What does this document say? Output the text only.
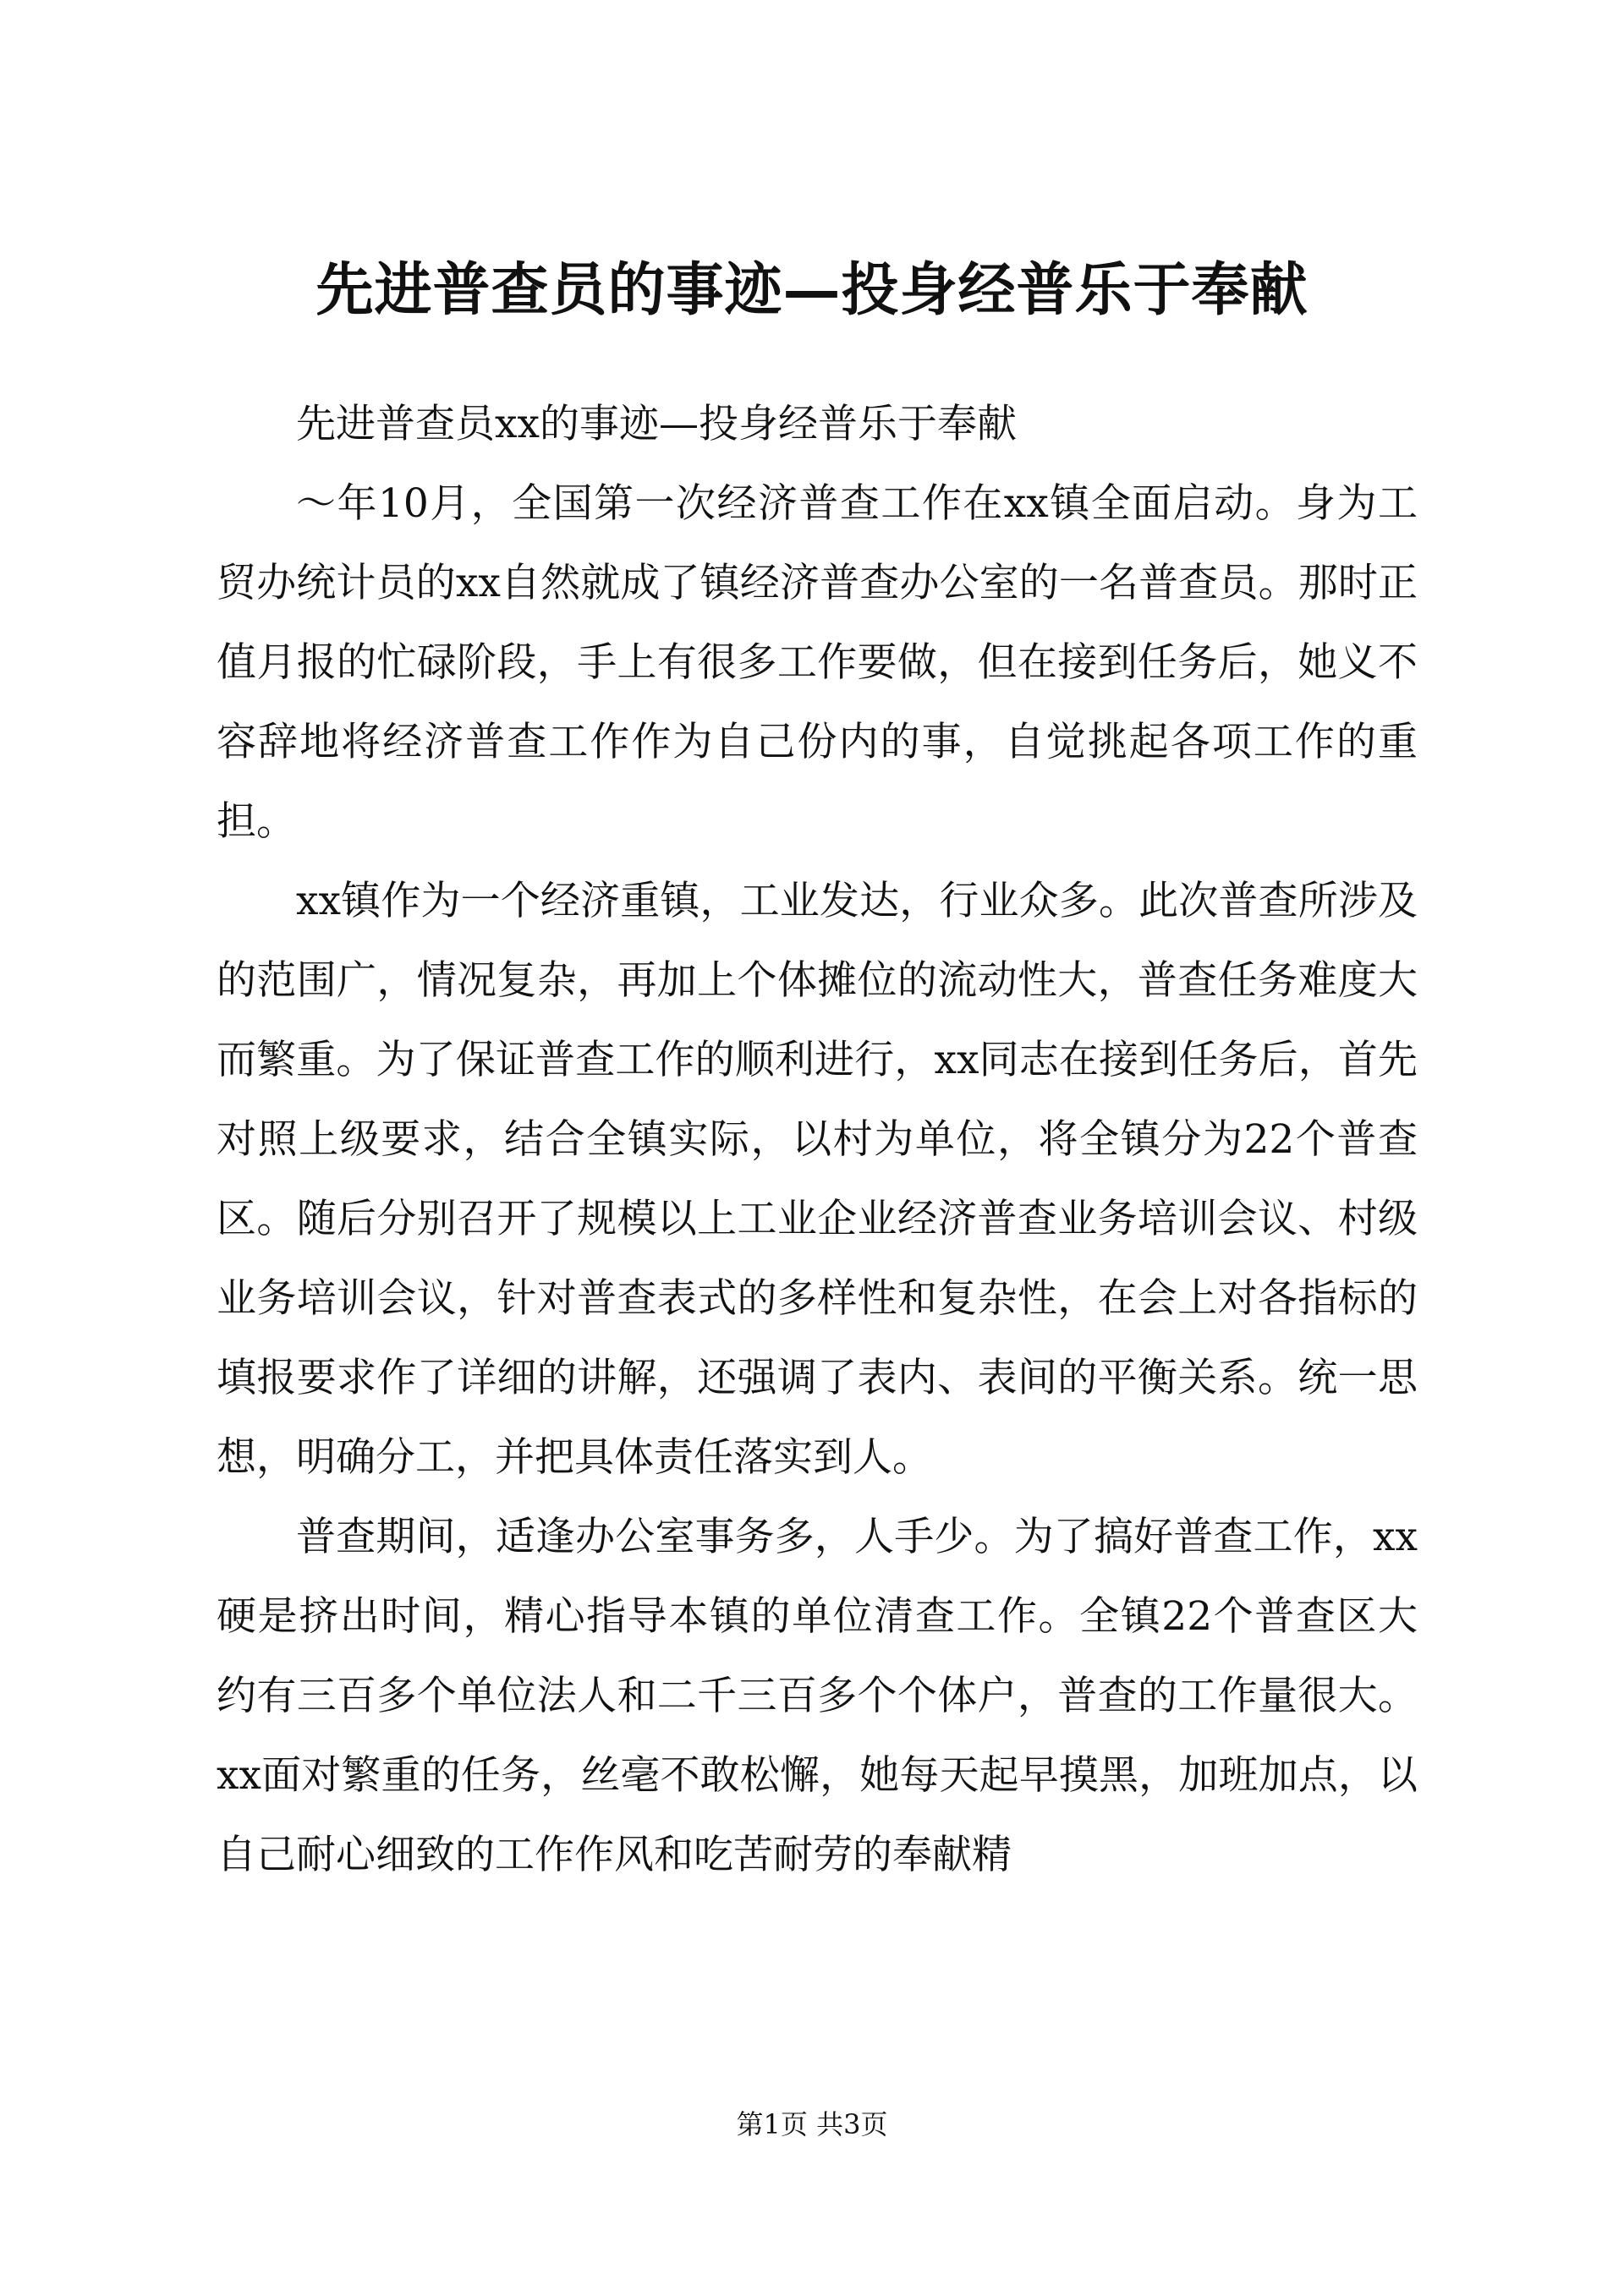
先进普查员的事迹—投身经普乐于奉献

先进普查员xx的事迹—投身经普乐于奉献

～年10月，全国第一次经济普查工作在xx镇全面启动。身为工贸办统计员的xx自然就成了镇经济普查办公室的一名普查员。那时正值月报的忙碌阶段，手上有很多工作要做，但在接到任务后，她义不容辞地将经济普查工作作为自己份内的事，自觉挑起各项工作的重担。

xx镇作为一个经济重镇，工业发达，行业众多。此次普查所涉及的范围广，情况复杂，再加上个体摊位的流动性大，普查任务难度大而繁重。为了保证普查工作的顺利进行，xx同志在接到任务后，首先对照上级要求，结合全镇实际，以村为单位，将全镇分为22个普查区。随后分别召开了规模以上工业企业经济普查业务培训会议、村级业务培训会议，针对普查表式的多样性和复杂性，在会上对各指标的填报要求作了详细的讲解，还强调了表内、表间的平衡关系。统一思想，明确分工，并把具体责任落实到人。

普查期间，适逢办公室事务多，人手少。为了搞好普查工作，xx硬是挤出时间，精心指导本镇的单位清查工作。全镇22个普查区大约有三百多个单位法人和二千三百多个个体户，普查的工作量很大。xx面对繁重的任务，丝毫不敢松懈，她每天起早摸黑，加班加点，以自己耐心细致的工作作风和吃苦耐劳的奉献精

第1页 共3页
